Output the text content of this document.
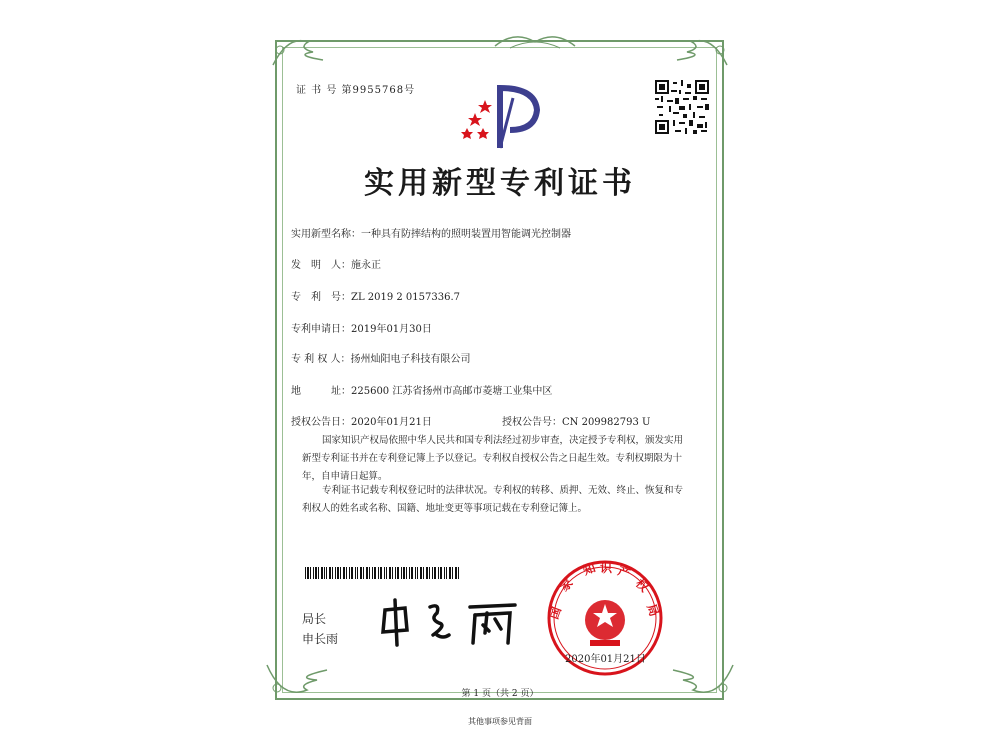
证 书 号 第9955768号
实用新型专利证书
实用新型名称：一种具有防摔结构的照明装置用智能调光控制器
发　明　人：施永正
专　利　号：ZL 2019 2 0157336.7
专利申请日：2019年01月30日
专 利 权 人：扬州灿阳电子科技有限公司
地　　　址：225600 江苏省扬州市高邮市菱塘工业集中区
授权公告日：2020年01月21日	授权公告号：CN 209982793 U
国家知识产权局依照中华人民共和国专利法经过初步审查，决定授予专利权，颁发实用
新型专利证书并在专利登记簿上予以登记。专利权自授权公告之日起生效。专利权期限为十
年，自申请日起算。
专利证书记载专利权登记时的法律状况。专利权的转移、质押、无效、终止、恢复和专
利权人的姓名或名称、国籍、地址变更等事项记载在专利登记簿上。
局长
申长雨
国
家
知 识 产
权
局
2020年01月21日
第 1 页（共 2 页）
其他事项参见背面
